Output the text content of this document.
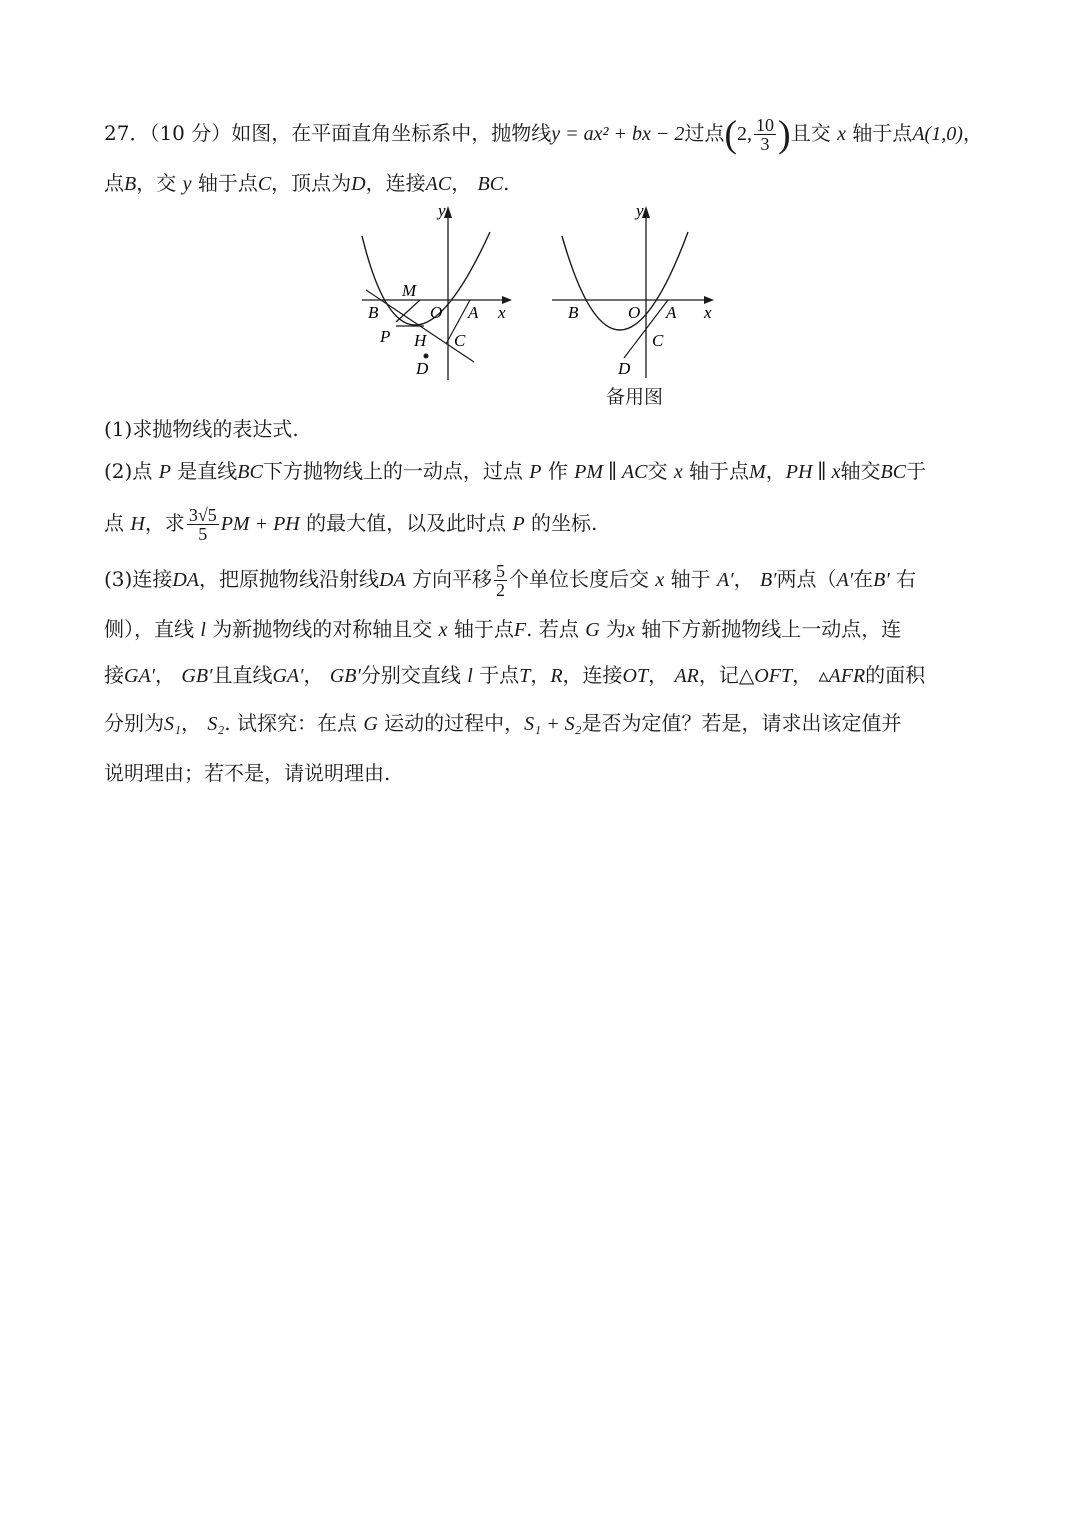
27．（10 分）如图，在平面直角坐标系中，抛物线y = ax² + bx − 2过点(2, $\frac{10}{3}$ )且交 x 轴于点A(1,0)，
点B，交 y 轴于点C，顶点为D，连接AC， BC.
y
M
B	O A x
P H C
D
y
B	O A x
C
D
备用图
(1)求抛物线的表达式.
(2)点 P 是直线BC下方抛物线上的一动点，过点 P 作 PM ∥ AC交 x 轴于点M，PH ∥ x轴交BC于
点 H，求 $\frac{3√5}{5}$ PM + PH 的最大值，以及此时点 P 的坐标.
(3)连接DA，把原抛物线沿射线DA 方向平移 $\frac{5}{2}$ 个单位长度后交 x 轴于 A′， B′两点（A′在B′ 右
侧），直线 l 为新抛物线的对称轴且交 x 轴于点F. 若点 G 为x 轴下方新抛物线上一动点，连
接GA′， GB′且直线GA′， GB′分别交直线 l 于点T，R，连接OT， AR，记△OFT， ▵AFR的面积
分别为S₁， S₂. 试探究：在点 G 运动的过程中，S₁ + S₂是否为定值？若是，请求出该定值并
说明理由；若不是，请说明理由.
